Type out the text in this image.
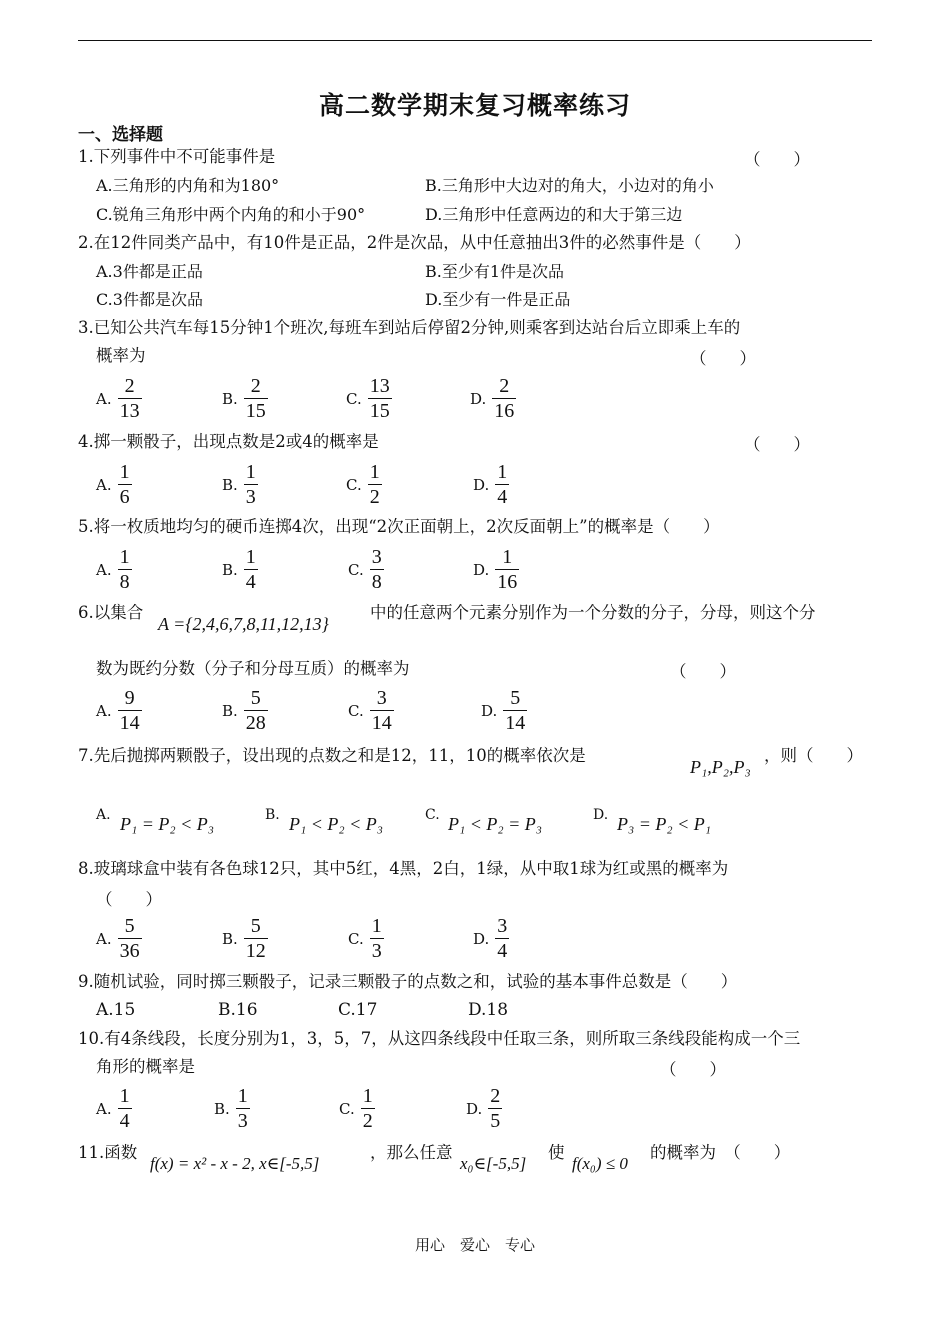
高二数学期末复习概率练习
一、选择题
1.下列事件中不可能事件是	（　　）
A.三角形的内角和为180°	B.三角形中大边对的角大，小边对的角小
C.锐角三角形中两个内角的和小于90°	D.三角形中任意两边的和大于第三边
2.在12件同类产品中，有10件是正品，2件是次品，从中任意抽出3件的必然事件是（　　）
A.3件都是正品	B.至少有1件是次品
C.3件都是次品	D.至少有一件是正品
3.已知公共汽车每15分钟1个班次,每班车到站后停留2分钟,则乘客到达站台后立即乘上车的
概率为	（　　）
A. $\frac{2}{13}$	B. $\frac{2}{15}$	C. $\frac{13}{15}$	D. $\frac{2}{16}$
4.掷一颗骰子，出现点数是2或4的概率是	（　　）
A. $\frac{1}{6}$	B. $\frac{1}{3}$	C. $\frac{1}{2}$	D. $\frac{1}{4}$
5.将一枚质地均匀的硬币连掷4次，出现“2次正面朝上，2次反面朝上”的概率是（　　）
A. $\frac{1}{8}$	B. $\frac{1}{4}$	C. $\frac{3}{8}$	D. $\frac{1}{16}$
6.以集合
A ={2,4,6,7,8,11,12,13}
中的任意两个元素分别作为一个分数的分子，分母，则这个分
数为既约分数（分子和分母互质）的概率为	（　　）
A. $\frac{9}{14}$	B. $\frac{5}{28}$	C. $\frac{3}{14}$	D. $\frac{5}{14}$
7.先后抛掷两颗骰子，设出现的点数之和是12，11，10的概率依次是
P₁,P₂,P₃
，则（　　）
A. P₁ = P₂ < P₃	B. P₁ < P₂ < P₃	C. P₁ < P₂ = P₃	D. P₃ = P₂ < P₁
8.玻璃球盒中装有各色球12只，其中5红，4黑，2白，1绿，从中取1球为红或黑的概率为
（　　）
A. $\frac{5}{36}$	B. $\frac{5}{12}$	C. $\frac{1}{3}$	D. $\frac{3}{4}$
9.随机试验，同时掷三颗骰子，记录三颗骰子的点数之和，试验的基本事件总数是（　　）
A.15	B.16	C.17	D.18
10.有4条线段，长度分别为1，3，5，7，从这四条线段中任取三条，则所取三条线段能构成一个三
角形的概率是	（　　）
A. $\frac{1}{4}$	B. $\frac{1}{3}$	C. $\frac{1}{2}$	D. $\frac{2}{5}$
11.函数
f(x) = x² - x - 2, x∈[-5,5]
，那么任意
x₀∈[-5,5]
使
f(x₀) ≤ 0
的概率为　（　　）
用心　爱心　专心
